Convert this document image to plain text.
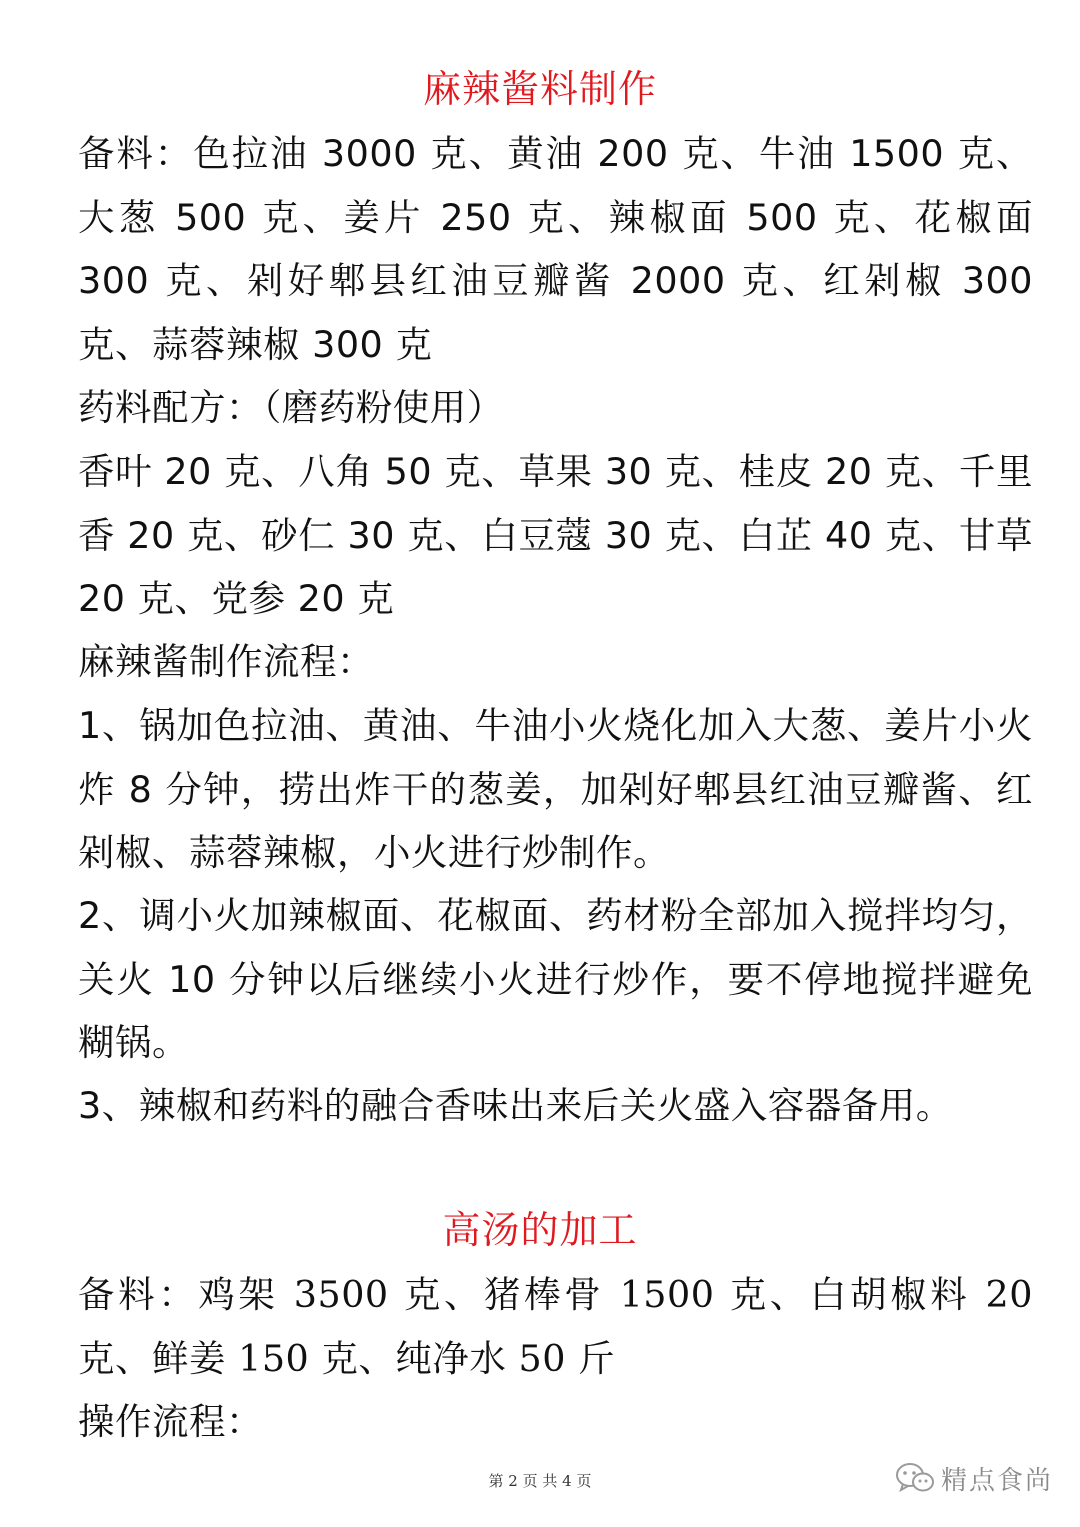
麻辣酱料制作

备料：色拉油 3000 克、黄油 200 克、牛油 1500 克、大葱 500 克、姜片 250 克、辣椒面 500 克、花椒面 300 克、剁好郫县红油豆瓣酱 2000 克、红剁椒 300 克、蒜蓉辣椒 300 克

药料配方：（磨药粉使用）

香叶 20 克、八角 50 克、草果 30 克、桂皮 20 克、千里香 20 克、砂仁 30 克、白豆蔻 30 克、白芷 40 克、甘草 20 克、党参 20 克

麻辣酱制作流程：

1、锅加色拉油、黄油、牛油小火烧化加入大葱、姜片小火炸 8 分钟，捞出炸干的葱姜，加剁好郫县红油豆瓣酱、红剁椒、蒜蓉辣椒，小火进行炒制作。

2、调小火加辣椒面、花椒面、药材粉全部加入搅拌均匀，关火 10 分钟以后继续小火进行炒作，要不停地搅拌避免糊锅。

3、辣椒和药料的融合香味出来后关火盛入容器备用。

高汤的加工

备料：鸡架 3500 克、猪棒骨 1500 克、白胡椒料 20 克、鲜姜 150 克、纯净水 50 斤

操作流程：

第 2 页 共 4 页	精点食尚
